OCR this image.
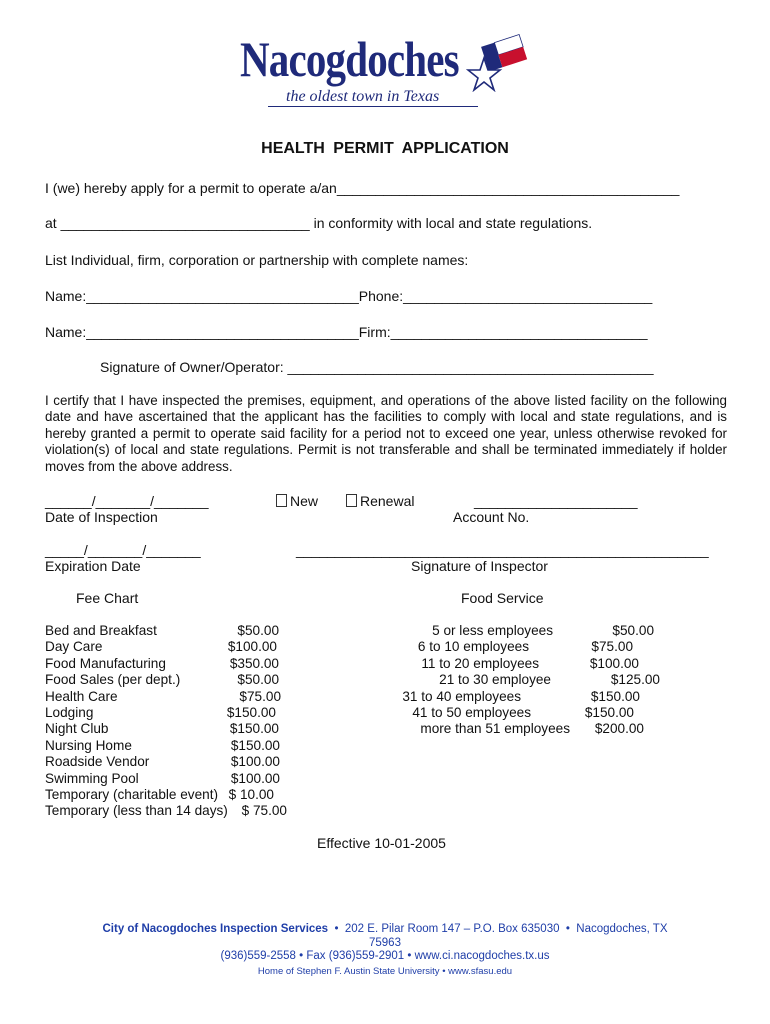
Nacogdoches
the oldest town in Texas
HEALTH PERMIT APPLICATION
I (we) hereby apply for a permit to operate a/an____________________________________________
at ________________________________ in conformity with local and state regulations.
List Individual, firm, corporation or partnership with complete names:
Name:___________________________________Phone:________________________________
Name:___________________________________Firm:_________________________________
Signature of Owner/Operator: _______________________________________________
I certify that I have inspected the premises, equipment, and operations of the above listed facility on the following date and have ascertained that the applicant has the facilities to comply with local and state regulations, and is hereby granted a permit to operate said facility for a period not to exceed one year, unless otherwise revoked for violation(s) of local and state regulations. Permit is not transferable and shall be terminated immediately if holder moves from the above address.
______/_______/_______
Date of Inspection
New	Renewal	_____________________
Account No.
_____/_______/_______
Expiration Date
_____________________________________________________
Signature of Inspector
Fee Chart
Bed and Breakfast	$50.00
Day Care	$100.00
Food Manufacturing	$350.00
Food Sales (per dept.)	$50.00
Health Care	$75.00
Lodging	$150.00
Night Club	$150.00
Nursing Home	$150.00
Roadside Vendor	$100.00
Swimming Pool	$100.00
Temporary (charitable event) $ 10.00
Temporary (less than 14 days) $ 75.00
Food Service
5 or less employees	$50.00
6 to 10 employees	$75.00
11 to 20 employees	$100.00
21 to 30 employee	$125.00
31 to 40 employees	$150.00
41 to 50 employees	$150.00
more than 51 employees $200.00
Effective 10-01-2005
City of Nacogdoches Inspection Services  •  202 E. Pilar Room 147 – P.O. Box 635030  •  Nacogdoches, TX
75963
(936)559-2558 • Fax (936)559-2901 • www.ci.nacogdoches.tx.us
Home of Stephen F. Austin State University • www.sfasu.edu
